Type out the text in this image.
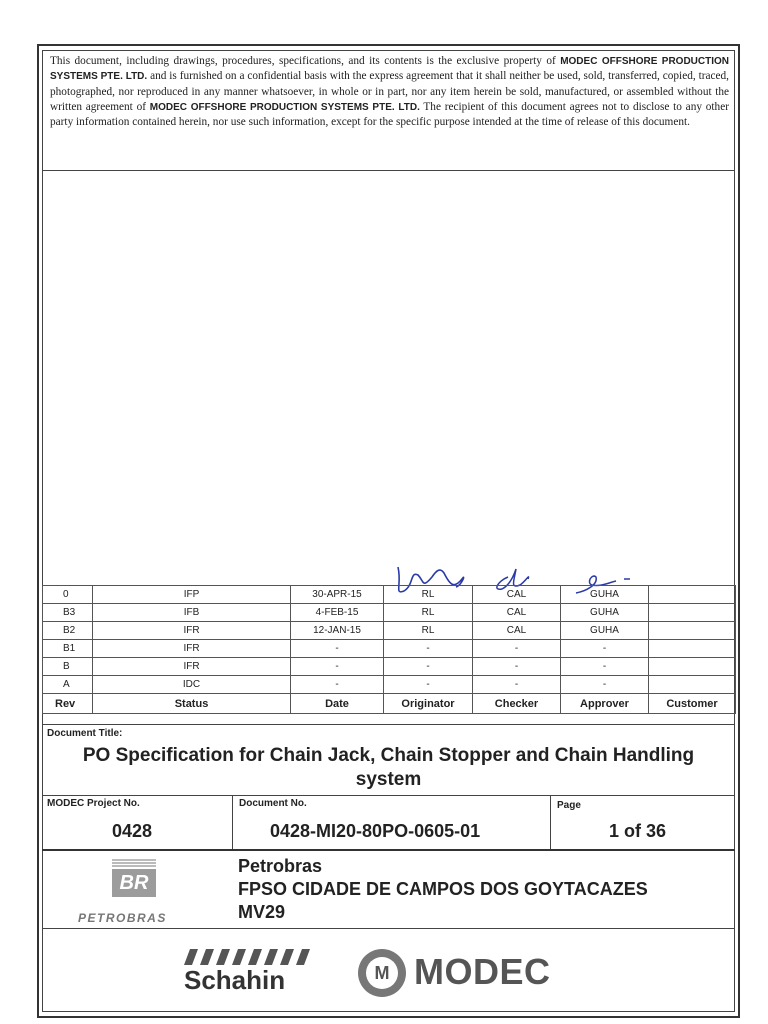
This document, including drawings, procedures, specifications, and its contents is the exclusive property of MODEC OFFSHORE PRODUCTION SYSTEMS PTE. LTD. and is furnished on a confidential basis with the express agreement that it shall neither be used, sold, transferred, copied, traced, photographed, nor reproduced in any manner whatsoever, in whole or in part, nor any item herein be sold, manufactured, or assembled without the written agreement of MODEC OFFSHORE PRODUCTION SYSTEMS PTE. LTD. The recipient of this document agrees not to disclose to any other party information contained herein, nor use such information, except for the specific purpose intended at the time of release of this document.
0	IFP	30-APR-15	RL	CAL	GUHA	
B3	IFB	4-FEB-15	RL	CAL	GUHA	
B2	IFR	12-JAN-15	RL	CAL	GUHA	
B1	IFR	-	-	-	-	
B	IFR	-	-	-	-	
A	IDC	-	-	-	-	
Rev	Status	Date	Originator	Checker	Approver	Customer
Document Title:
PO Specification for Chain Jack, Chain Stopper and Chain Handling
system
MODEC Project No.
0428
Document No.
0428-MI20-80PO-0605-01
Page
1 of 36
BR
PETROBRAS
Petrobras
FPSO CIDADE DE CAMPOS DOS GOYTACAZES
MV29
Schahin	M MODEC
